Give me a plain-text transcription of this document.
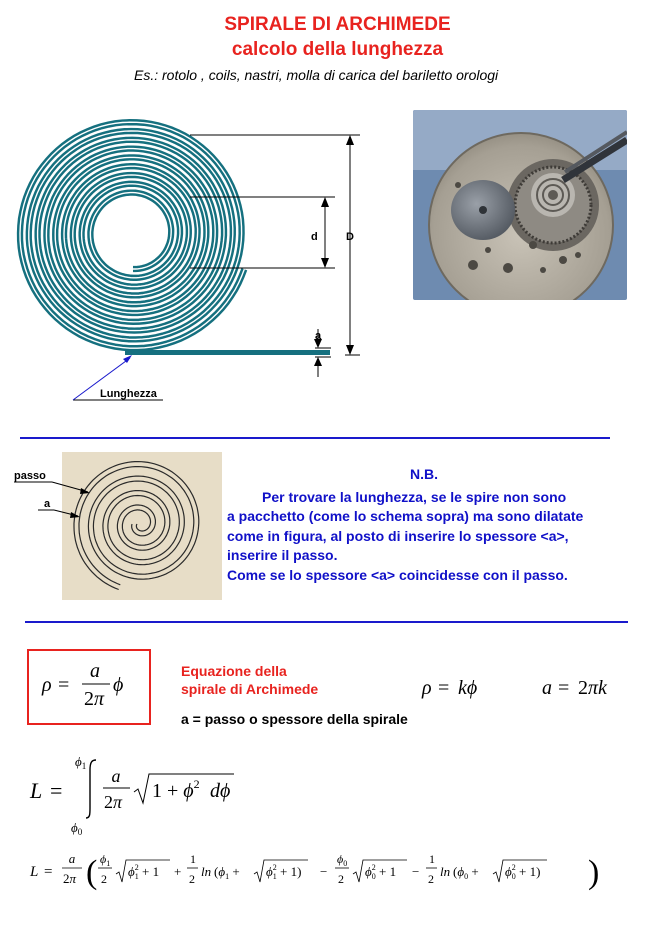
SPIRALE DI ARCHIMEDE
calcolo della lunghezza
Es.: rotolo , coils, nastri, molla di carica del bariletto orologi
d	D
a
Lunghezza
passo
a
N.B.
Per trovare la lunghezza, se le spire non sono
a pacchetto (come lo schema sopra) ma sono dilatate
come in figura, al posto di inserire lo spessore <a>,
inserire il passo.
Come se lo spessore <a> coincidesse con il passo.
ρ =
a
2π
ϕ
Equazione della
spirale di Archimede	ρ = kϕ	a = 2πk
a = passo o spessore della spirale
L =
$\phi_1$
$\phi_0$
a
2π $1 + \phi^2$ dϕ
L =
a
2π ( $\phi_1$
2 $\phi^2$ 1 + 1 +
1
2 $\ln (\phi_1 + \phi^2$ 1 + 1) −
$\phi_0$
2 $\phi^2$ 0 + 1 −
1
2 $\ln (\phi_0 + \phi^2$ 0 + 1) )
